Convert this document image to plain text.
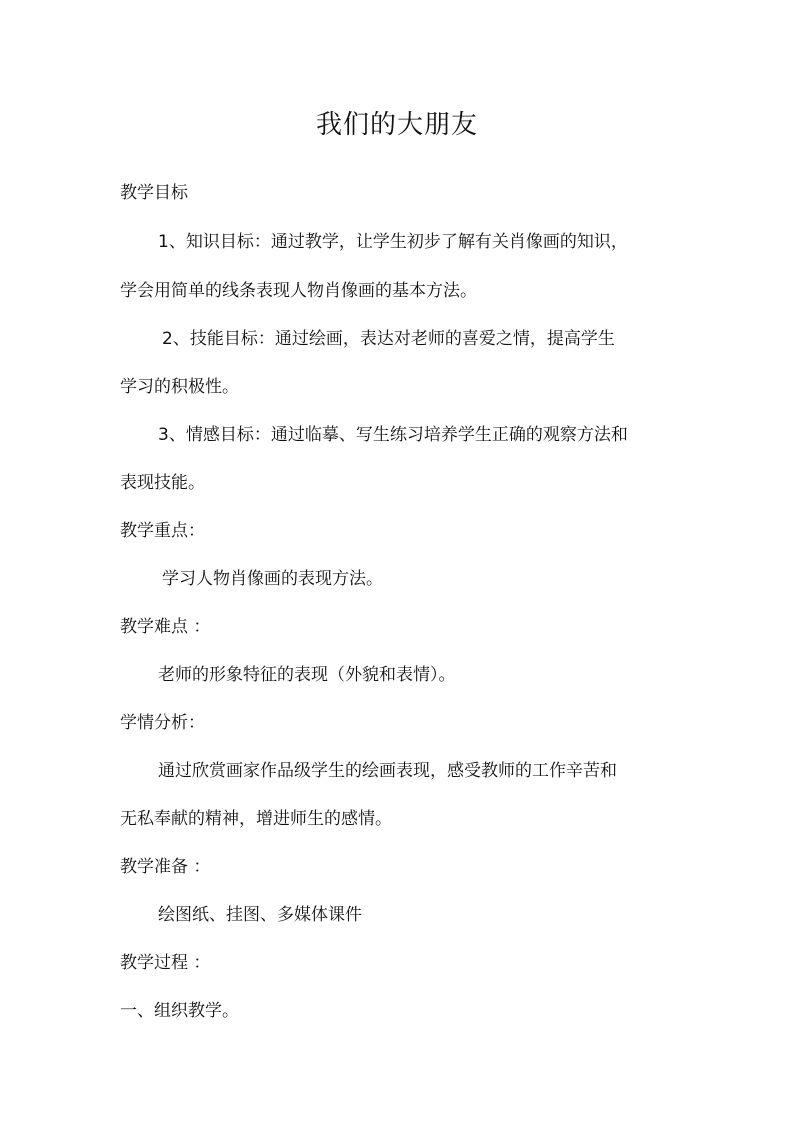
我们的大朋友

教学目标

1、知识目标：通过教学，让学生初步了解有关肖像画的知识，

学会用简单的线条表现人物肖像画的基本方法。

2、技能目标：通过绘画，表达对老师的喜爱之情，提高学生

学习的积极性。

3、情感目标：通过临摹、写生练习培养学生正确的观察方法和

表现技能。

教学重点：

学习人物肖像画的表现方法。

教学难点 ：

老师的形象特征的表现（外貌和表情）。

学情分析：

通过欣赏画家作品级学生的绘画表现，感受教师的工作辛苦和

无私奉献的精神，增进师生的感情。

教学准备 ：

绘图纸、挂图、多媒体课件

教学过程 ：

一、组织教学。
